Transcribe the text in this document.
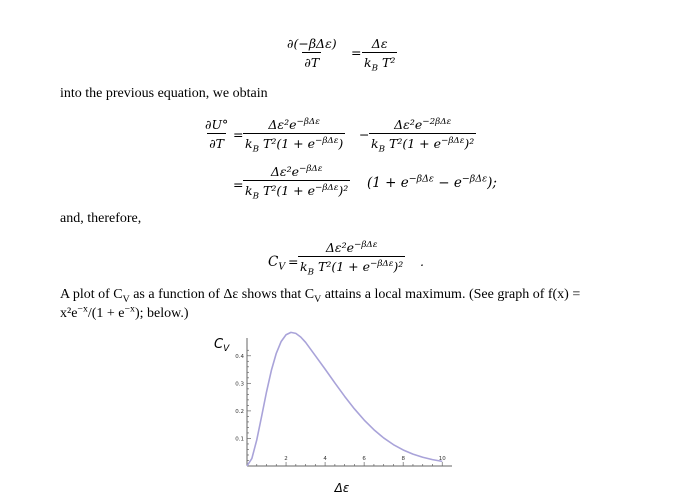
∂(−βΔε)
∂T
= $\frac{\Delta\varepsilon}{k_B T^2}$
into the previous equation, we obtain
$\frac{\partial U^\circ}{\partial T}$ =
$\Delta\varepsilon^2e^{-\beta\Delta\varepsilon}$
$k_B$ $T^2(1 + e^{-\beta\Delta\varepsilon})$
−
$\Delta\varepsilon^2e^{-2\beta\Delta\varepsilon}$
$k_B$ $T^2(1 + e^{-\beta\Delta\varepsilon})^2$
=
$\Delta\varepsilon^2e^{-\beta\Delta\varepsilon}$
$k_B$ $T^2(1 + e^{-\beta\Delta\varepsilon})^2$ $(1 + e^{-\beta\Delta\varepsilon} - e^{-\beta\Delta\varepsilon})$;
and, therefore,
$C_V$ =
$\Delta\varepsilon^2e^{-\beta\Delta\varepsilon}$
$k_B$ $T^2(1 + e^{-\beta\Delta\varepsilon})^2$ .
A plot of $C_V$ as a function of Δε shows that $C_V$ attains a local maximum. (See graph of f(x) =
$x^2e^{-x}/(1 + e^{-x})$; below.)
2	4	6	8	10
0.1
0.2
0.3
0.4
$C_V$
Δε
